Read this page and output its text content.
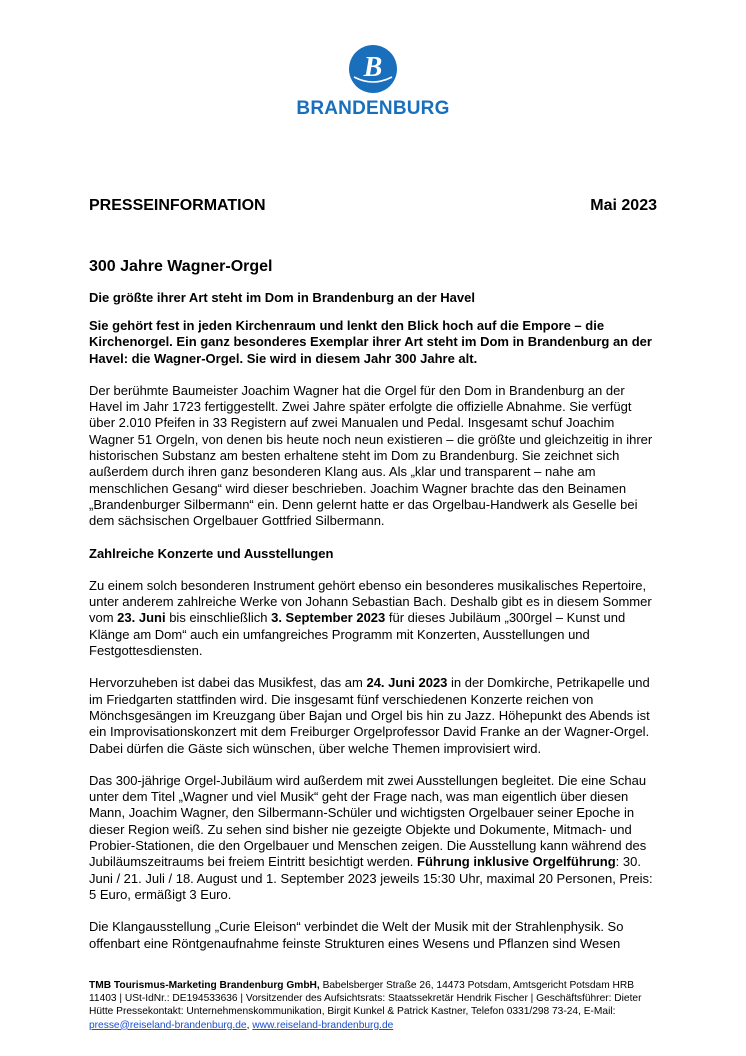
B
BRANDENBURG
PRESSEINFORMATION	Mai 2023
300 Jahre Wagner-Orgel
Die größte ihrer Art steht im Dom in Brandenburg an der Havel

Sie gehört fest in jeden Kirchenraum und lenkt den Blick hoch auf die Empore – die Kirchenorgel. Ein ganz besonderes Exemplar ihrer Art steht im Dom in Brandenburg an der Havel: die Wagner-Orgel. Sie wird in diesem Jahr 300 Jahre alt.

Der berühmte Baumeister Joachim Wagner hat die Orgel für den Dom in Brandenburg an der Havel im Jahr 1723 fertiggestellt. Zwei Jahre später erfolgte die offizielle Abnahme. Sie verfügt über 2.010 Pfeifen in 33 Registern auf zwei Manualen und Pedal. Insgesamt schuf Joachim Wagner 51 Orgeln, von denen bis heute noch neun existieren – die größte und gleichzeitig in ihrer historischen Substanz am besten erhaltene steht im Dom zu Brandenburg. Sie zeichnet sich außerdem durch ihren ganz besonderen Klang aus. Als „klar und transparent – nahe am menschlichen Gesang“ wird dieser beschrieben. Joachim Wagner brachte das den Beinamen „Brandenburger Silbermann“ ein. Denn gelernt hatte er das Orgelbau-Handwerk als Geselle bei dem sächsischen Orgelbauer Gottfried Silbermann.

Zahlreiche Konzerte und Ausstellungen

Zu einem solch besonderen Instrument gehört ebenso ein besonderes musikalisches Repertoire, unter anderem zahlreiche Werke von Johann Sebastian Bach. Deshalb gibt es in diesem Sommer vom 23. Juni bis einschließlich 3. September 2023 für dieses Jubiläum „300rgel – Kunst und Klänge am Dom“ auch ein umfangreiches Programm mit Konzerten, Ausstellungen und Festgottesdiensten.

Hervorzuheben ist dabei das Musikfest, das am 24. Juni 2023 in der Domkirche, Petrikapelle und im Friedgarten stattfinden wird. Die insgesamt fünf verschiedenen Konzerte reichen von Mönchsgesängen im Kreuzgang über Bajan und Orgel bis hin zu Jazz. Höhepunkt des Abends ist ein Improvisationskonzert mit dem Freiburger Orgelprofessor David Franke an der Wagner-Orgel. Dabei dürfen die Gäste sich wünschen, über welche Themen improvisiert wird.

Das 300-jährige Orgel-Jubiläum wird außerdem mit zwei Ausstellungen begleitet. Die eine Schau unter dem Titel „Wagner und viel Musik“ geht der Frage nach, was man eigentlich über diesen Mann, Joachim Wagner, den Silbermann-Schüler und wichtigsten Orgelbauer seiner Epoche in dieser Region weiß. Zu sehen sind bisher nie gezeigte Objekte und Dokumente, Mitmach- und Probier-Stationen, die den Orgelbauer und Menschen zeigen. Die Ausstellung kann während des Jubiläumszeitraums bei freiem Eintritt besichtigt werden. Führung inklusive Orgelführung: 30. Juni / 21. Juli / 18. August und 1. September 2023 jeweils 15:30 Uhr, maximal 20 Personen, Preis: 5 Euro, ermäßigt 3 Euro.

Die Klangausstellung „Curie Eleison“ verbindet die Welt der Musik mit der Strahlenphysik. So offenbart eine Röntgenaufnahme feinste Strukturen eines Wesens und Pflanzen sind Wesen

TMB Tourismus-Marketing Brandenburg GmbH, Babelsberger Straße 26, 14473 Potsdam, Amtsgericht Potsdam HRB 11403 | USt-IdNr.: DE194533636 | Vorsitzender des Aufsichtsrats: Staatssekretär Hendrik Fischer | Geschäftsführer: Dieter Hütte Pressekontakt: Unternehmenskommunikation, Birgit Kunkel & Patrick Kastner, Telefon 0331/298 73-24, E-Mail: presse@reiseland-brandenburg.de, www.reiseland-brandenburg.de
